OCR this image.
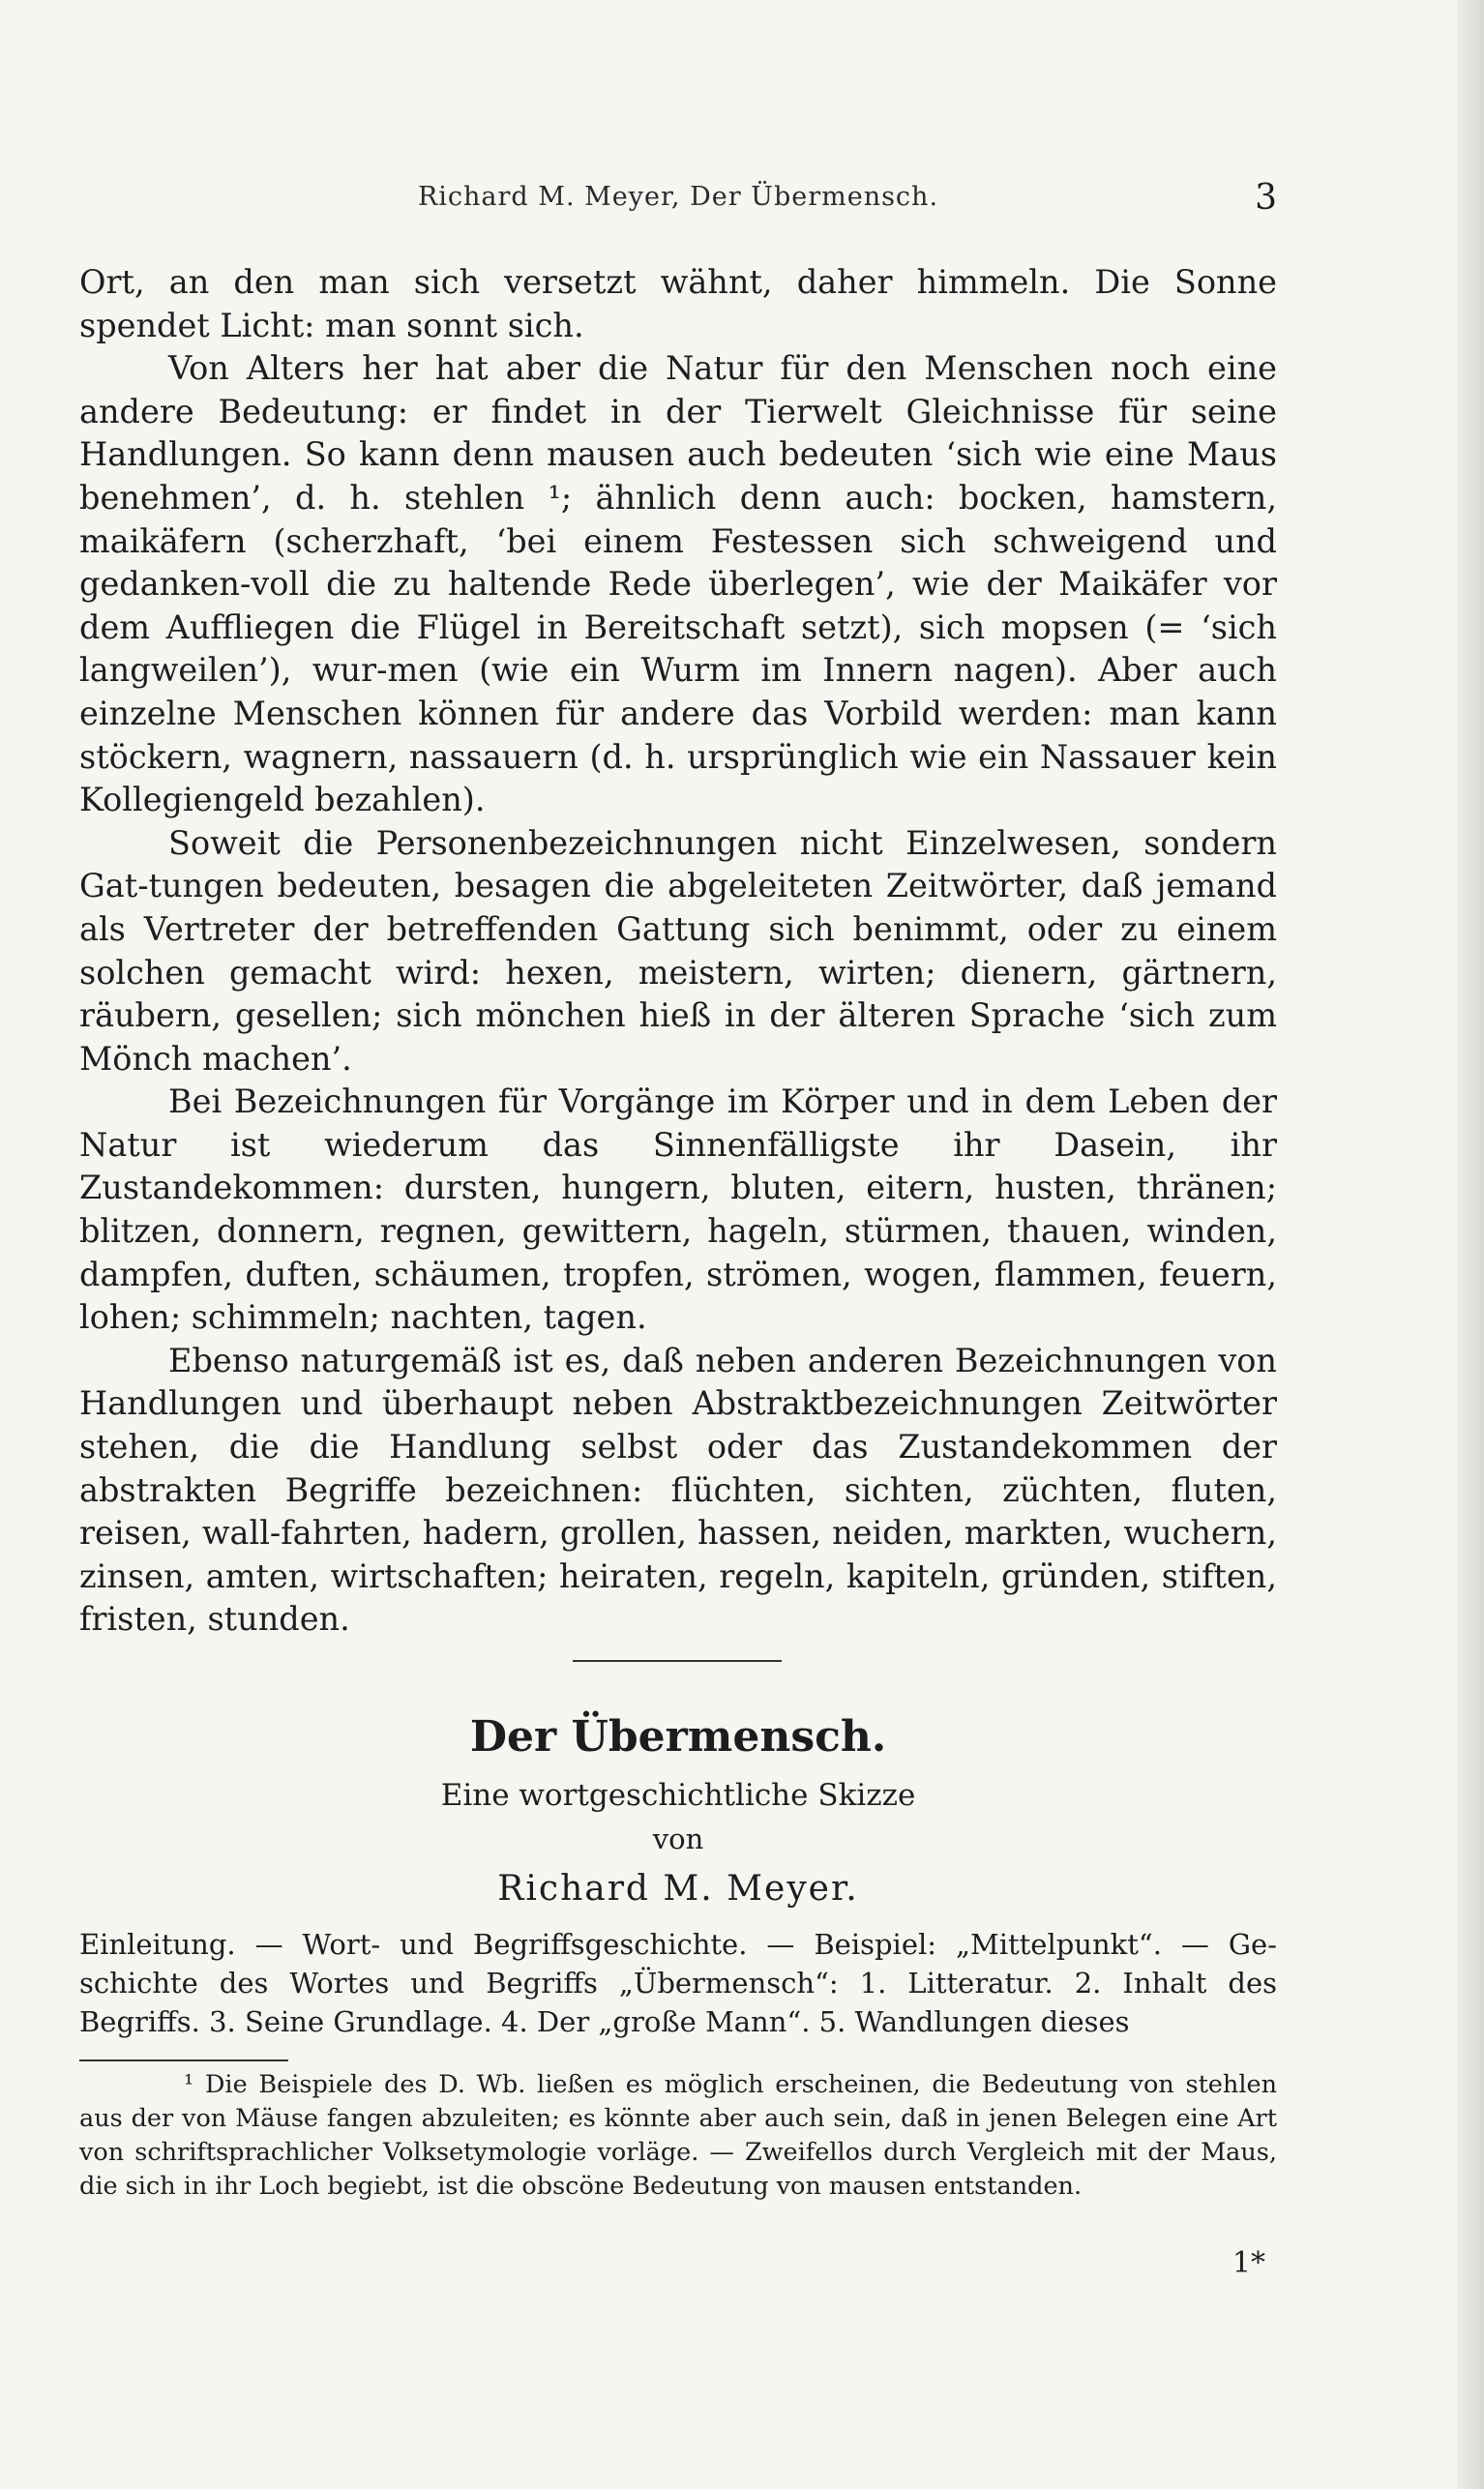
Richard M. Meyer, Der Übermensch.	3

Ort, an den man sich versetzt wähnt, daher himmeln. Die Sonne spendet Licht: man sonnt sich.

Von Alters her hat aber die Natur für den Menschen noch eine andere Bedeutung: er findet in der Tierwelt Gleichnisse für seine Handlungen. So kann denn mausen auch bedeuten ‘sich wie eine Maus benehmen’, d. h. stehlen ¹; ähnlich denn auch: bocken, hamstern, maikäfern (scherzhaft, ‘bei einem Festessen sich schweigend und gedanken-voll die zu haltende Rede überlegen’, wie der Maikäfer vor dem Auffliegen die Flügel in Bereitschaft setzt), sich mopsen (= ‘sich langweilen’), wur-men (wie ein Wurm im Innern nagen). Aber auch einzelne Menschen können für andere das Vorbild werden: man kann stöckern, wagnern, nassauern (d. h. ursprünglich wie ein Nassauer kein Kollegiengeld bezahlen).

Soweit die Personenbezeichnungen nicht Einzelwesen, sondern Gat-tungen bedeuten, besagen die abgeleiteten Zeitwörter, daß jemand als Vertreter der betreffenden Gattung sich benimmt, oder zu einem solchen gemacht wird: hexen, meistern, wirten; dienern, gärtnern, räubern, gesellen; sich mönchen hieß in der älteren Sprache ‘sich zum Mönch machen’.

Bei Bezeichnungen für Vorgänge im Körper und in dem Leben der Natur ist wiederum das Sinnenfälligste ihr Dasein, ihr Zustandekommen: dursten, hungern, bluten, eitern, husten, thränen; blitzen, donnern, regnen, gewittern, hageln, stürmen, thauen, winden, dampfen, duften, schäumen, tropfen, strömen, wogen, flammen, feuern, lohen; schimmeln; nachten, tagen.

Ebenso naturgemäß ist es, daß neben anderen Bezeichnungen von Handlungen und überhaupt neben Abstraktbezeichnungen Zeitwörter stehen, die die Handlung selbst oder das Zustandekommen der abstrakten Begriffe bezeichnen: flüchten, sichten, züchten, fluten, reisen, wall-fahrten, hadern, grollen, hassen, neiden, markten, wuchern, zinsen, amten, wirtschaften; heiraten, regeln, kapiteln, gründen, stiften, fristen, stunden.

Der Übermensch.
Eine wortgeschichtliche Skizze
von
Richard M. Meyer.

Einleitung. — Wort- und Begriffsgeschichte. — Beispiel: „Mittelpunkt“. — Ge-schichte des Wortes und Begriffs „Übermensch“: 1. Litteratur. 2. Inhalt des Begriffs. 3. Seine Grundlage. 4. Der „große Mann“. 5. Wandlungen dieses

¹ Die Beispiele des D. Wb. ließen es möglich erscheinen, die Bedeutung von stehlen aus der von Mäuse fangen abzuleiten; es könnte aber auch sein, daß in jenen Belegen eine Art von schriftsprachlicher Volksetymologie vorläge. — Zweifellos durch Vergleich mit der Maus, die sich in ihr Loch begiebt, ist die obscöne Bedeutung von mausen entstanden.

1*
